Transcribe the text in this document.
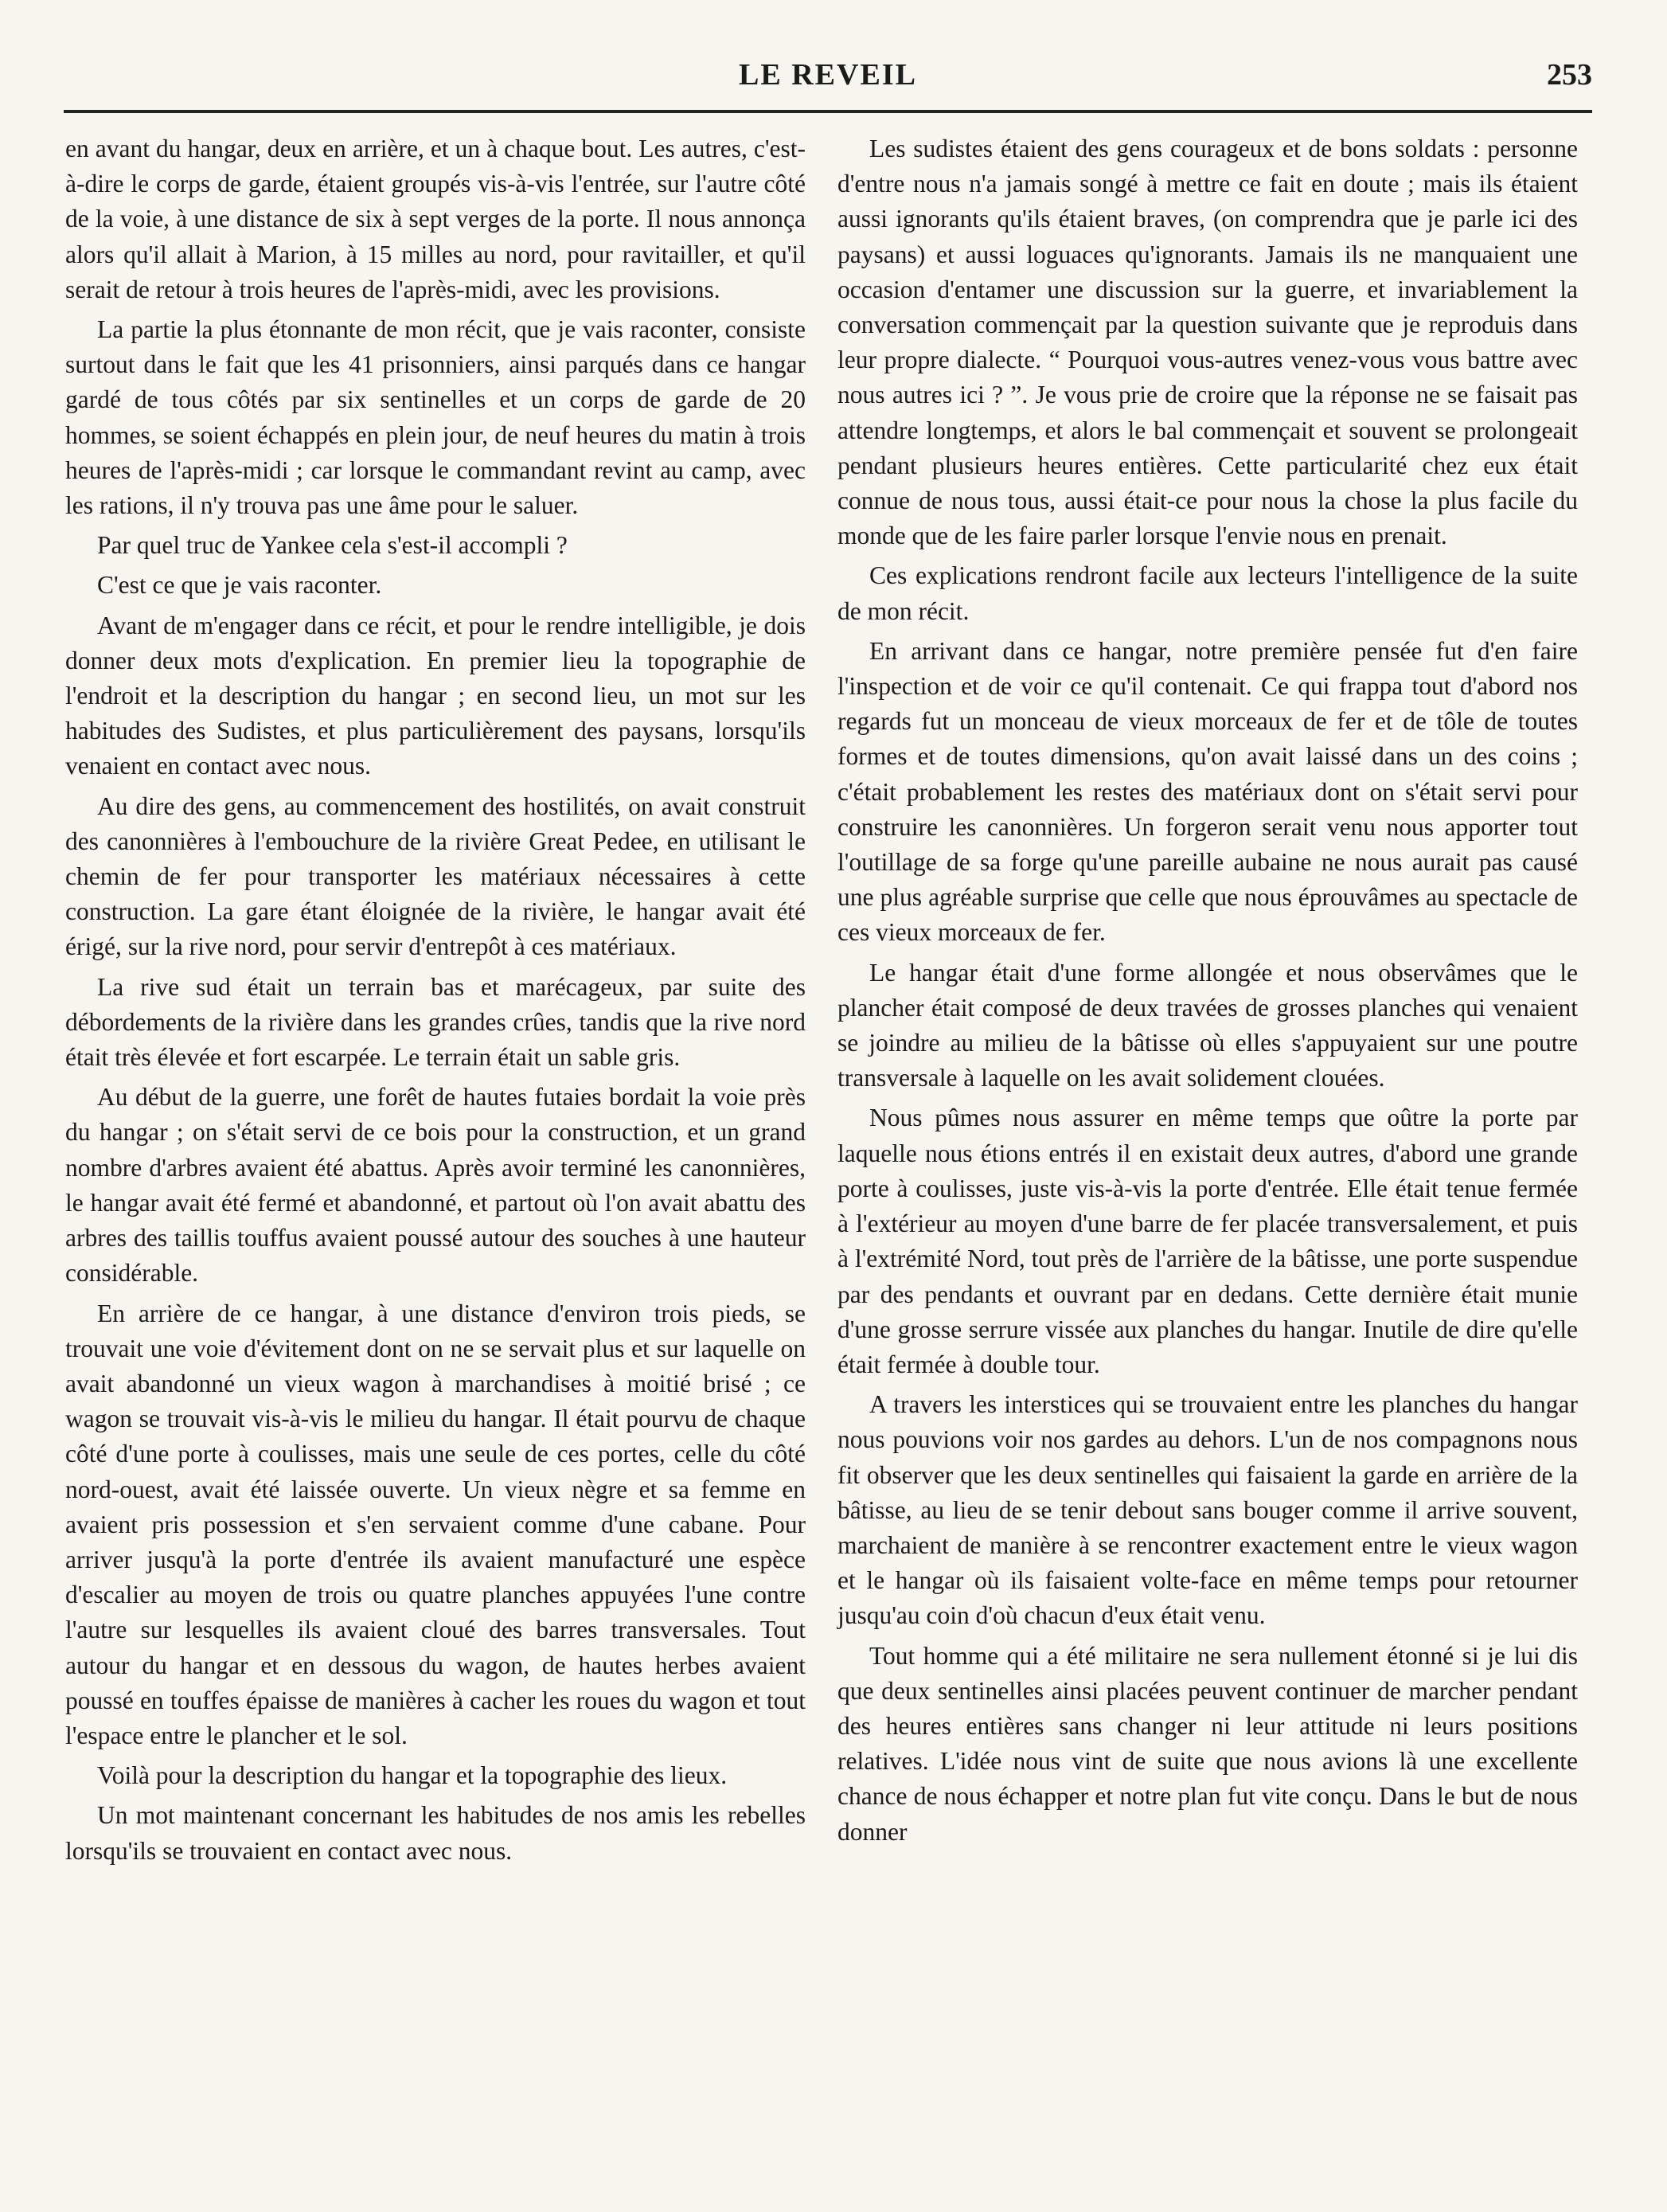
LE REVEIL	253

en avant du hangar, deux en arrière, et un à chaque bout. Les autres, c'est-à-dire le corps de garde, étaient groupés vis-à-vis l'entrée, sur l'autre côté de la voie, à une distance de six à sept verges de la porte. Il nous annonça alors qu'il allait à Marion, à 15 milles au nord, pour ravitailler, et qu'il serait de retour à trois heures de l'après-midi, avec les provisions.

La partie la plus étonnante de mon récit, que je vais raconter, consiste surtout dans le fait que les 41 prisonniers, ainsi parqués dans ce hangar gardé de tous côtés par six sentinelles et un corps de garde de 20 hommes, se soient échappés en plein jour, de neuf heures du matin à trois heures de l'après-midi ; car lorsque le commandant revint au camp, avec les rations, il n'y trouva pas une âme pour le saluer.

Par quel truc de Yankee cela s'est-il accompli ?

C'est ce que je vais raconter.

Avant de m'engager dans ce récit, et pour le rendre intelligible, je dois donner deux mots d'explication. En premier lieu la topographie de l'endroit et la description du hangar ; en second lieu, un mot sur les habitudes des Sudistes, et plus particulièrement des paysans, lorsqu'ils venaient en contact avec nous.

Au dire des gens, au commencement des hostilités, on avait construit des canonnières à l'embouchure de la rivière Great Pedee, en utilisant le chemin de fer pour transporter les matériaux nécessaires à cette construction. La gare étant éloignée de la rivière, le hangar avait été érigé, sur la rive nord, pour servir d'entrepôt à ces matériaux.

La rive sud était un terrain bas et marécageux, par suite des débordements de la rivière dans les grandes crûes, tandis que la rive nord était très élevée et fort escarpée. Le terrain était un sable gris.

Au début de la guerre, une forêt de hautes futaies bordait la voie près du hangar ; on s'était servi de ce bois pour la construction, et un grand nombre d'arbres avaient été abattus. Après avoir terminé les canonnières, le hangar avait été fermé et abandonné, et partout où l'on avait abattu des arbres des taillis touffus avaient poussé autour des souches à une hauteur considérable.

En arrière de ce hangar, à une distance d'environ trois pieds, se trouvait une voie d'évitement dont on ne se servait plus et sur laquelle on avait abandonné un vieux wagon à marchandises à moitié brisé ; ce wagon se trouvait vis-à-vis le milieu du hangar. Il était pourvu de chaque côté d'une porte à coulisses, mais une seule de ces portes, celle du côté nord-ouest, avait été laissée ouverte. Un vieux nègre et sa femme en avaient pris possession et s'en servaient comme d'une cabane. Pour arriver jusqu'à la porte d'entrée ils avaient manufacturé une espèce d'escalier au moyen de trois ou quatre planches appuyées l'une contre l'autre sur lesquelles ils avaient cloué des barres transversales. Tout autour du hangar et en dessous du wagon, de hautes herbes avaient poussé en touffes épaisse de manières à cacher les roues du wagon et tout l'espace entre le plancher et le sol.

Voilà pour la description du hangar et la topographie des lieux.

Un mot maintenant concernant les habitudes de nos amis les rebelles lorsqu'ils se trouvaient en contact avec nous.

Les sudistes étaient des gens courageux et de bons soldats : personne d'entre nous n'a jamais songé à mettre ce fait en doute ; mais ils étaient aussi ignorants qu'ils étaient braves, (on comprendra que je parle ici des paysans) et aussi loguaces qu'ignorants. Jamais ils ne manquaient une occasion d'entamer une discussion sur la guerre, et invariablement la conversation commençait par la question suivante que je reproduis dans leur propre dialecte. “ Pourquoi vous-autres venez-vous vous battre avec nous autres ici ? ”. Je vous prie de croire que la réponse ne se faisait pas attendre longtemps, et alors le bal commençait et souvent se prolongeait pendant plusieurs heures entières. Cette particularité chez eux était connue de nous tous, aussi était-ce pour nous la chose la plus facile du monde que de les faire parler lorsque l'envie nous en prenait.

Ces explications rendront facile aux lecteurs l'intelligence de la suite de mon récit.

En arrivant dans ce hangar, notre première pensée fut d'en faire l'inspection et de voir ce qu'il contenait. Ce qui frappa tout d'abord nos regards fut un monceau de vieux morceaux de fer et de tôle de toutes formes et de toutes dimensions, qu'on avait laissé dans un des coins ; c'était probablement les restes des matériaux dont on s'était servi pour construire les canonnières. Un forgeron serait venu nous apporter tout l'outillage de sa forge qu'une pareille aubaine ne nous aurait pas causé une plus agréable surprise que celle que nous éprouvâmes au spectacle de ces vieux morceaux de fer.

Le hangar était d'une forme allongée et nous observâmes que le plancher était composé de deux travées de grosses planches qui venaient se joindre au milieu de la bâtisse où elles s'appuyaient sur une poutre transversale à laquelle on les avait solidement clouées.

Nous pûmes nous assurer en même temps que oûtre la porte par laquelle nous étions entrés il en existait deux autres, d'abord une grande porte à coulisses, juste vis-à-vis la porte d'entrée. Elle était tenue fermée à l'extérieur au moyen d'une barre de fer placée transversalement, et puis à l'extrémité Nord, tout près de l'arrière de la bâtisse, une porte suspendue par des pendants et ouvrant par en dedans. Cette dernière était munie d'une grosse serrure vissée aux planches du hangar. Inutile de dire qu'elle était fermée à double tour.

A travers les interstices qui se trouvaient entre les planches du hangar nous pouvions voir nos gardes au dehors. L'un de nos compagnons nous fit observer que les deux sentinelles qui faisaient la garde en arrière de la bâtisse, au lieu de se tenir debout sans bouger comme il arrive souvent, marchaient de manière à se rencontrer exactement entre le vieux wagon et le hangar où ils faisaient volte-face en même temps pour retourner jusqu'au coin d'où chacun d'eux était venu.

Tout homme qui a été militaire ne sera nullement étonné si je lui dis que deux sentinelles ainsi placées peuvent continuer de marcher pendant des heures entières sans changer ni leur attitude ni leurs positions relatives. L'idée nous vint de suite que nous avions là une excellente chance de nous échapper et notre plan fut vite conçu. Dans le but de nous donner
